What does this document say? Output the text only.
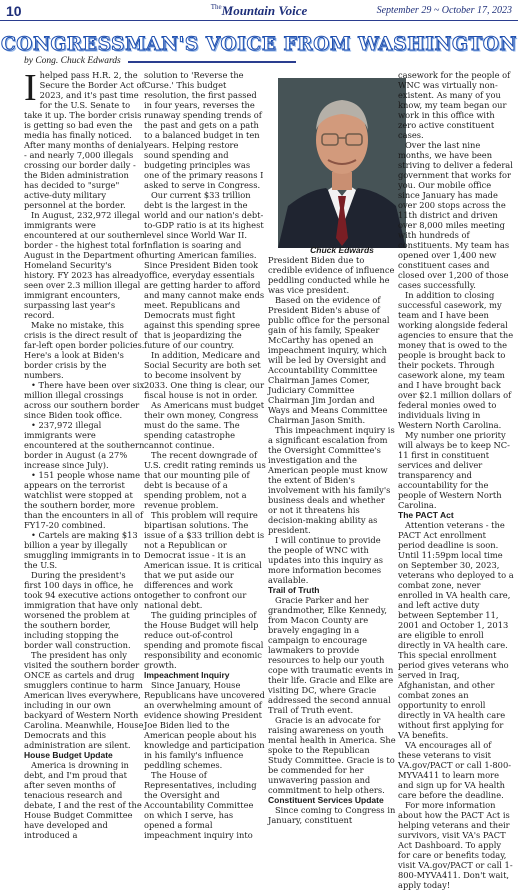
10	$^{The}$Mountain Voice	September 29 ~ October 17, 2023
CONGRESSMAN'S VOICE FROM WASHINGTON
by Cong. Chuck Edwards

Ihelped pass H.R. 2, the Secure the Border Act of 2023, and it's past time for the U.S. Senate to take it up. The border crisis is getting so bad even the media has finally noticed. After many months of denial - and nearly 7,000 illegals crossing our border daily - the Biden administration has decided to "surge" active-duty military personnel at the border.

In August, 232,972 illegal immigrants were encountered at our southern border - the highest total for August in the Department of Homeland Security's history. FY 2023 has already seen over 2.3 million illegal immigrant encounters, surpassing last year's record.

Make no mistake, this crisis is the direct result of far-left open border policies. Here's a look at Biden's border crisis by the numbers.

• There have been over six million illegal crossings across our southern border since Biden took office.

• 237,972 illegal immigrants were encountered at the southern border in August (a 27% increase since July).

• 151 people whose name appears on the terrorist watchlist were stopped at the southern border, more than the encounters in all of FY17-20 combined.

• Cartels are making $13 billion a year by illegally smuggling immigrants in to the U.S.

During the president's first 100 days in office, he took 94 executive actions on immigration that have only worsened the problem at the southern border, including stopping the border wall construction.

The president has only visited the southern border ONCE as cartels and drug smugglers continue to harm American lives everywhere, including in our own backyard of Western North Carolina. Meanwhile, House Democrats and this administration are silent.

House Budget Update

America is drowning in debt, and I'm proud that after seven months of tenacious research and debate, I and the rest of the House Budget Committee have developed and introduced a

solution to 'Reverse the Curse.' This budget resolution, the first passed in four years, reverses the runaway spending trends of the past and gets on a path to a balanced budget in ten years. Helping restore sound spending and budgeting principles was one of the primary reasons I asked to serve in Congress.

Our current $33 trillion debt is the largest in the world and our nation's debt-to-GDP ratio is at its highest level since World War II. Inflation is soaring and hurting American families. Since President Biden took office, everyday essentials are getting harder to afford and many cannot make ends meet. Republicans and Democrats must fight against this spending spree that is jeopardizing the future of our country.

In addition, Medicare and Social Security are both set to become insolvent by 2033. One thing is clear, our fiscal house is not in order.

As Americans must budget their own money, Congress must do the same. The spending catastrophe cannot continue.

The recent downgrade of U.S. credit rating reminds us that our mounting pile of debt is because of a spending problem, not a revenue problem.

This problem will require bipartisan solutions. The issue of a $33 trillion debt is not a Republican or Democrat issue - it is an American issue. It is critical that we put aside our differences and work together to confront our national debt.

The guiding principles of the House Budget will help reduce out-of-control spending and promote fiscal responsibility and economic growth.

Impeachment Inquiry

Since January, House Republicans have uncovered an overwhelming amount of evidence showing President Joe Biden lied to the American people about his knowledge and participation in his family's influence peddling schemes.

The House of Representatives, including the Oversight and Accountability Committee on which I serve, has opened a formal impeachment inquiry into

Chuck Edwards

President Biden due to credible evidence of influence peddling conducted while he was vice president.

Based on the evidence of President Biden's abuse of public office for the personal gain of his family, Speaker McCarthy has opened an impeachment inquiry, which will be led by Oversight and Accountability Committee Chairman James Comer, Judiciary Committee Chairman Jim Jordan and Ways and Means Committee Chairman Jason Smith.

This impeachment inquiry is a significant escalation from the Oversight Committee's investigation and the American people must know the extent of Biden's involvement with his family's business deals and whether or not it threatens his decision-making ability as president.

I will continue to provide the people of WNC with updates into this inquiry as more information becomes available.

Trail of Truth

Gracie Parker and her grandmother, Elke Kennedy, from Macon County are bravely engaging in a campaign to encourage lawmakers to provide resources to help our youth cope with traumatic events in their life. Gracie and Elke are visiting DC, where Gracie addressed the second annual Trail of Truth event.

Gracie is an advocate for raising awareness on youth mental health in America. She spoke to the Republican Study Committee. Gracie is to be commended for her unwavering passion and commitment to help others.

Constituent Services Update

Since coming to Congress in January, constituent

casework for the people of WNC was virtually non-existent. As many of you know, my team began our work in this office with zero active constituent cases.

Over the last nine months, we have been striving to deliver a federal government that works for you. Our mobile office since January has made over 200 stops across the 11th district and driven over 8,000 miles meeting with hundreds of constituents. My team has opened over 1,400 new constituent cases and closed over 1,200 of those cases successfully.

In addition to closing successful casework, my team and I have been working alongside federal agencies to ensure that the money that is owed to the people is brought back to their pockets. Through casework alone, my team and I have brought back over $2.1 million dollars of federal monies owed to individuals living in Western North Carolina.

My number one priority will always be to keep NC-11 first in constituent services and deliver transparency and accountability for the people of Western North Carolina.

The PACT Act

Attention veterans - the PACT Act enrollment period deadline is soon. Until 11:59pm local time on September 30, 2023, veterans who deployed to a combat zone, never enrolled in VA health care, and left active duty between September 11, 2001 and October 1, 2013 are eligible to enroll directly in VA health care. This special enrollment period gives veterans who served in Iraq, Afghanistan, and other combat zones an opportunity to enroll directly in VA health care without first applying for VA benefits.

VA encourages all of these veterans to visit VA.gov/PACT or call 1-800-MYVA411 to learn more and sign up for VA health care before the deadline.

For more information about how the PACT Act is helping veterans and their survivors, visit VA's PACT Act Dashboard. To apply for care or benefits today, visit VA.gov/PACT or call 1-800-MYVA411. Don't wait, apply today!
